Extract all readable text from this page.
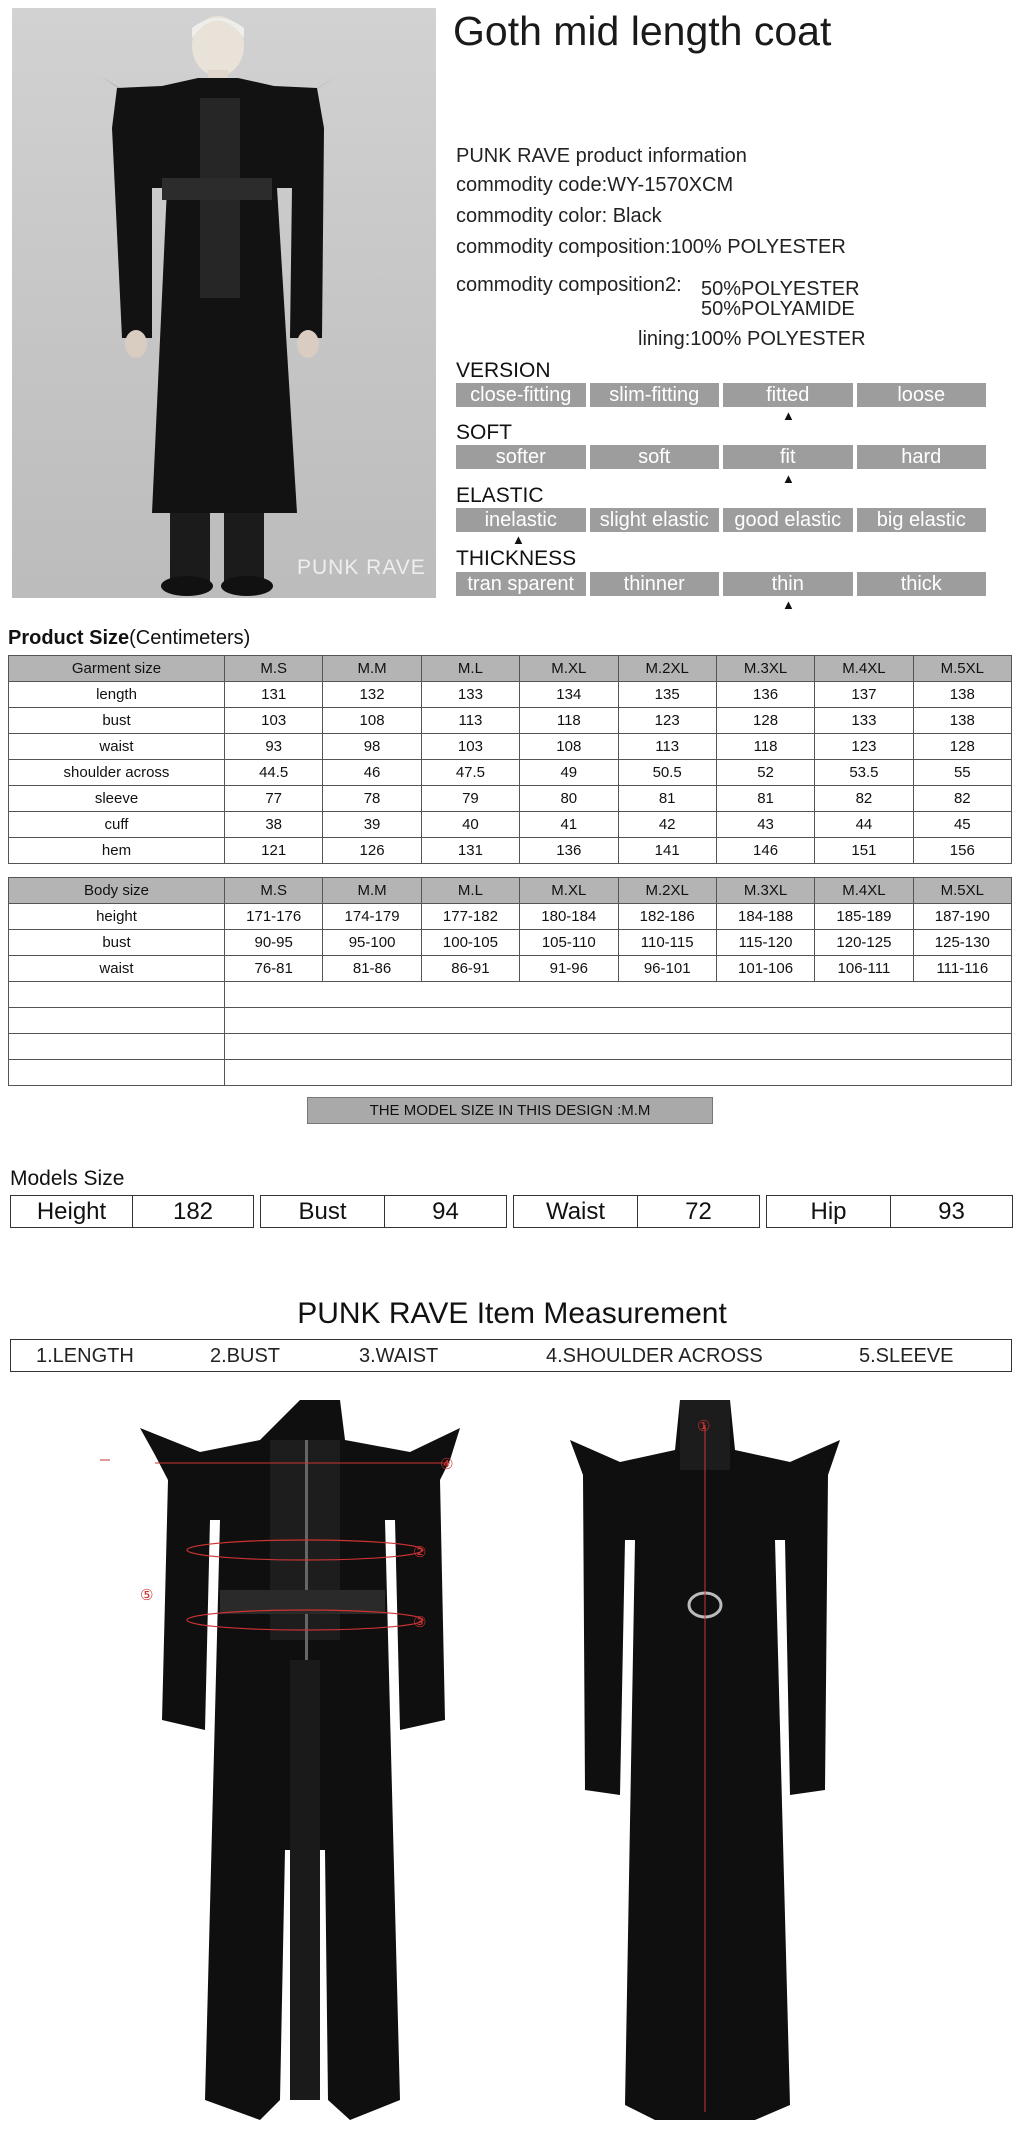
PUNK RAVE
Goth mid length coat
PUNK RAVE product information
commodity code:WY-1570XCM
commodity color: Black
commodity composition:100% POLYESTER
commodity composition2: 50%POLYESTER
50%POLYAMIDE
lining:100% POLYESTER
VERSION
close-fitting	slim-fitting	fitted	loose
▲
SOFT
softer	soft	fit	hard
▲
ELASTIC
inelastic	slight elastic	good elastic	big elastic
▲
THICKNESS
tran sparent	thinner	thin	thick
▲
Product Size(Centimeters)
Garment size	M.S	M.M	M.L	M.XL	M.2XL	M.3XL	M.4XL	M.5XL
length	131	132	133	134	135	136	137	138
bust	103	108	113	118	123	128	133	138
waist	93	98	103	108	113	118	123	128
shoulder across	44.5	46	47.5	49	50.5	52	53.5	55
sleeve	77	78	79	80	81	81	82	82
cuff	38	39	40	41	42	43	44	45
hem	121	126	131	136	141	146	151	156
Body size	M.S	M.M	M.L	M.XL	M.2XL	M.3XL	M.4XL	M.5XL
height	171-176	174-179	177-182	180-184	182-186	184-188	185-189	187-190
bust	90-95	95-100	100-105	105-110	110-115	115-120	120-125	125-130
waist	76-81	81-86	86-91	91-96	96-101	101-106	106-111	111-116

THE MODEL SIZE IN THIS DESIGN :M.M
Models Size
Height	182	Bust	94	Waist	72	Hip	93
PUNK RAVE Item Measurement
1.LENGTH	2.BUST	3.WAIST	4.SHOULDER ACROSS	5.SLEEVE
④
②
③
⑤
①
